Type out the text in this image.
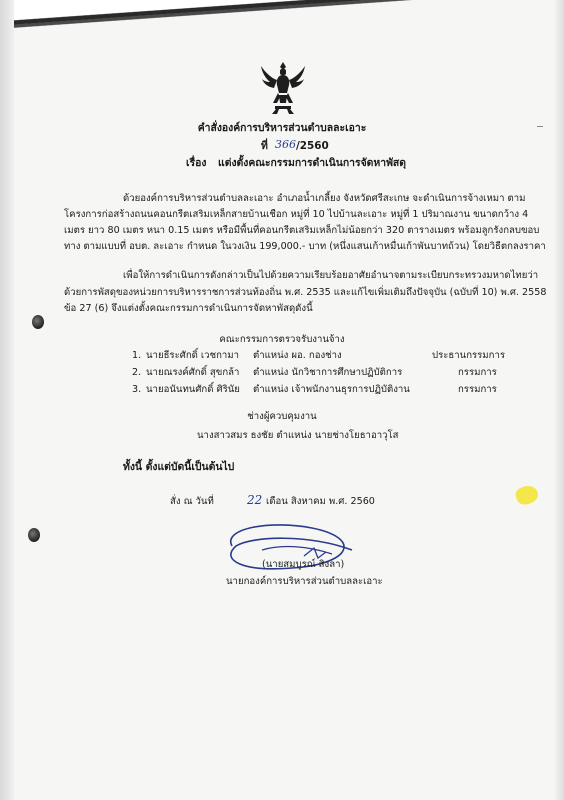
คำสั่งองค์การบริหารส่วนตำบลละเอาะ
ที่ 366 /2560
เรื่อง แต่งตั้งคณะกรรมการดำเนินการจัดหาพัสดุ
ด้วยองค์การบริหารส่วนตำบลละเอาะ อำเภอน้ำเกลี้ยง จังหวัดศรีสะเกษ จะดำเนินการจ้างเหมา ตาม
โครงการก่อสร้างถนนคอนกรีตเสริมเหล็กสายบ้านเชือก หมู่ที่ 10 ไปบ้านละเอาะ หมู่ที่ 1 ปริมาณงาน ขนาดกว้าง 4
เมตร ยาว 80 เมตร หนา 0.15 เมตร หรือมีพื้นที่คอนกรีตเสริมเหล็กไม่น้อยกว่า 320 ตารางเมตร พร้อมลูกรังกลบขอบ
ทาง ตามแบบที่ อบต. ละเอาะ กำหนด ในวงเงิน 199,000.- บาท (หนึ่งแสนเก้าหมื่นเก้าพันบาทถ้วน) โดยวิธีตกลงราคา
เพื่อให้การดำเนินการดังกล่าวเป็นไปด้วยความเรียบร้อยอาศัยอำนาจตามระเบียบกระทรวงมหาดไทยว่า
ด้วยการพัสดุของหน่วยการบริหารราชการส่วนท้องถิ่น พ.ศ. 2535 และแก้ไขเพิ่มเติมถึงปัจจุบัน (ฉบับที่ 10) พ.ศ. 2558
ข้อ 27 (6) จึงแต่งตั้งคณะกรรมการดำเนินการจัดหาพัสดุดังนี้
คณะกรรมการตรวจรับงานจ้าง
1. นายธีระศักดิ์ เวชกามา ตำแหน่ง ผอ. กองช่าง	ประธานกรรมการ
2. นายณรงค์ศักดิ์ สุขกล้า ตำแหน่ง นักวิชาการศึกษาปฏิบัติการ	กรรมการ
3. นายอนันทนศักดิ์ ศิรินัย ตำแหน่ง เจ้าพนักงานธุรการปฏิบัติงาน	กรรมการ
ช่างผู้ควบคุมงาน
นางสาวสมร ธงชัย ตำแหน่ง นายช่างโยธาอาวุโส
ทั้งนี้ ตั้งแต่บัดนี้เป็นต้นไป
สั่ง ณ วันที่	22 เดือน สิงหาคม พ.ศ. 2560
(นายสมบูรณ์ สิงลา)
นายกองค์การบริหารส่วนตำบลละเอาะ
